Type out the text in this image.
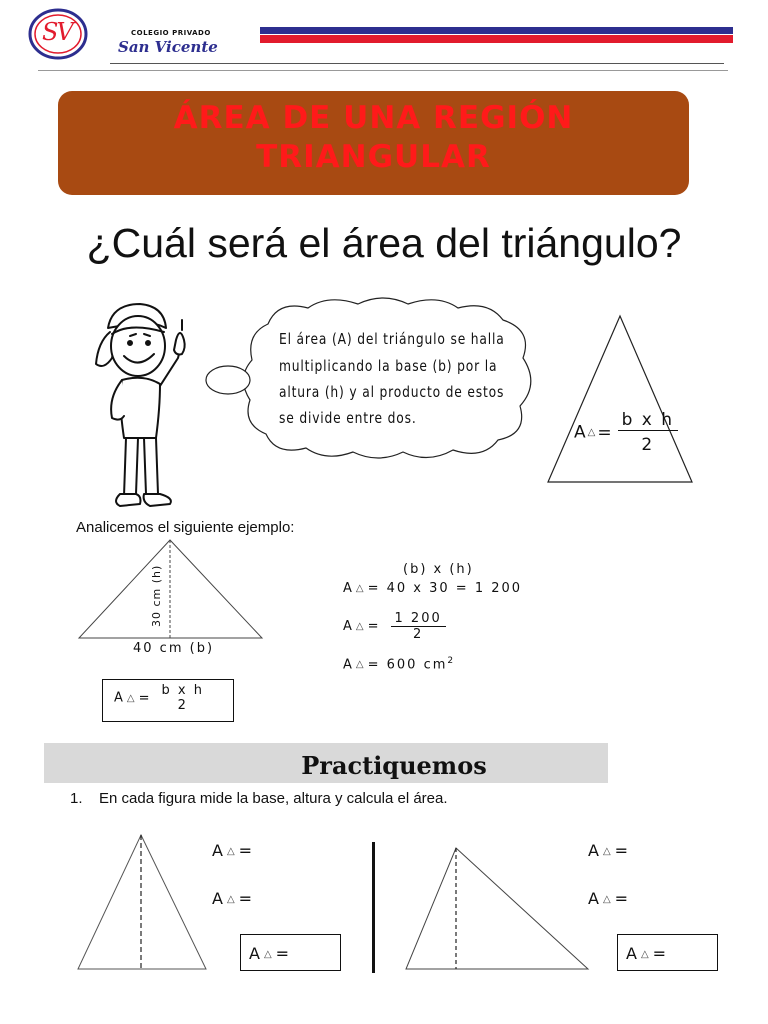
SV	COLEGIO PRIVADO
San Vicente
ÁREA DE UNA REGIÓN
TRIANGULAR
¿Cuál será el área del triángulo?
El área (A) del triángulo se halla
multiplicando la base (b) por la
altura (h) y al producto de estos
se divide entre dos.
A △ = $\frac{\text{b x h}}{2}$
Analicemos el siguiente ejemplo:
30 cm (h)
40 cm (b)
(b) x (h)
A △ = 40 x 30 = 1 200
A △ = $\frac{1 200}{2}$
A △ = 600 $cm^2$
A △ = b x h
2
Practiquemos
1. En cada figura mide la base, altura y calcula el área.
A △ =
A △ =
A △ =
A △ =
A △ =
A △ =
